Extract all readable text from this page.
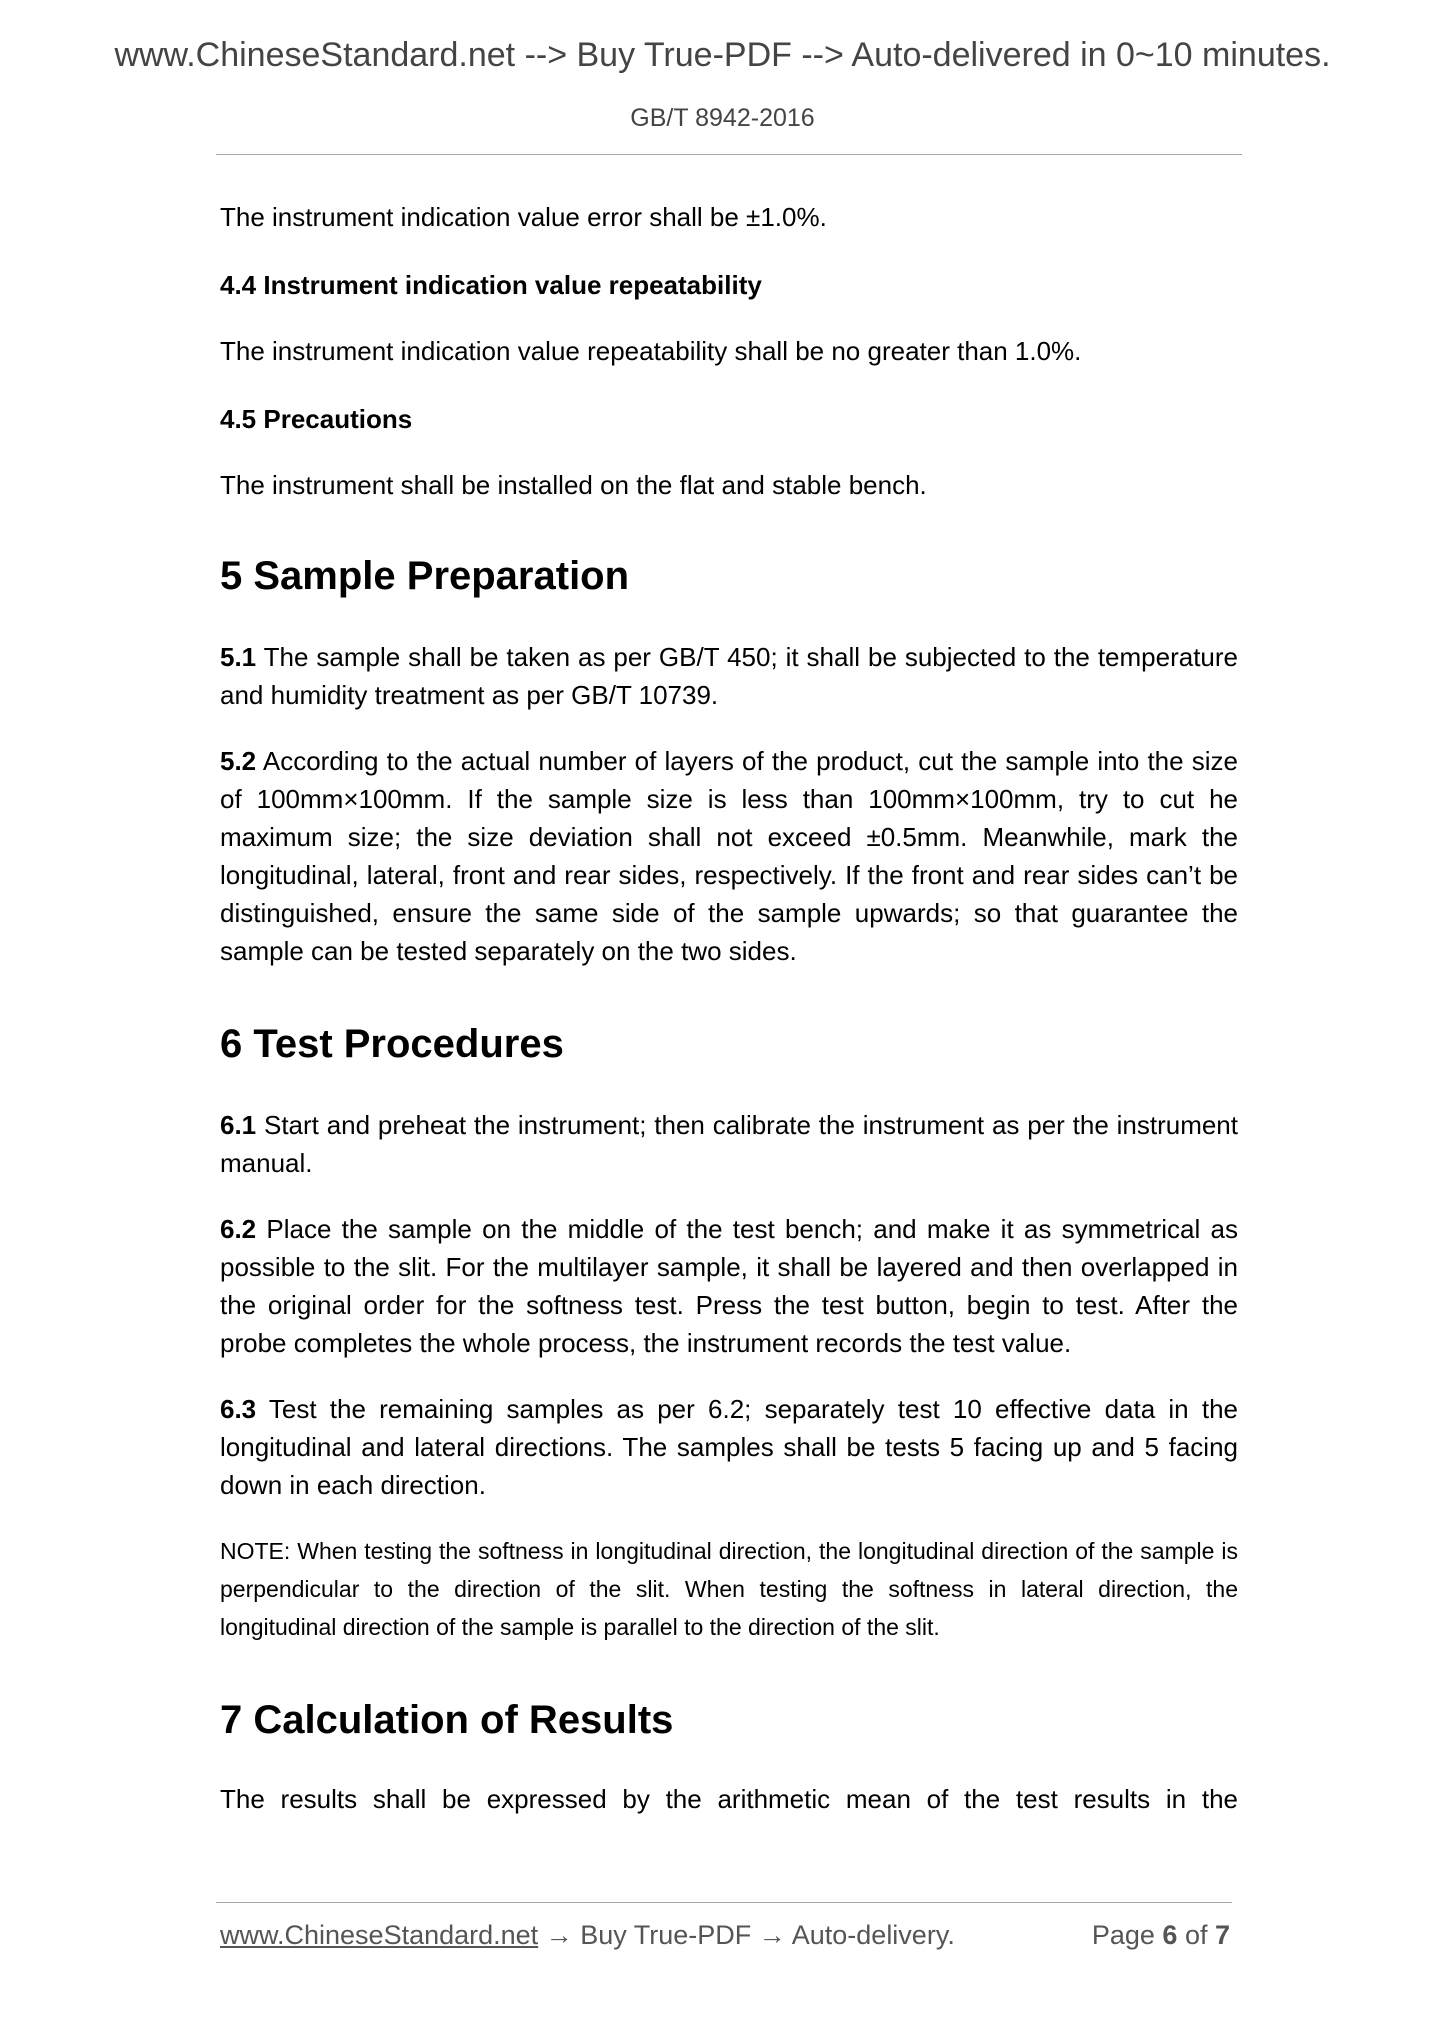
www.ChineseStandard.net --> Buy True-PDF --> Auto-delivered in 0~10 minutes.
GB/T 8942-2016

The instrument indication value error shall be ±1.0%.

4.4 Instrument indication value repeatability

The instrument indication value repeatability shall be no greater than 1.0%.

4.5 Precautions

The instrument shall be installed on the flat and stable bench.

5 Sample Preparation

5.1 The sample shall be taken as per GB/T 450; it shall be subjected to the temperature and humidity treatment as per GB/T 10739.

5.2 According to the actual number of layers of the product, cut the sample into the size of 100mm×100mm. If the sample size is less than 100mm×100mm, try to cut he maximum size; the size deviation shall not exceed ±0.5mm. Meanwhile, mark the longitudinal, lateral, front and rear sides, respectively. If the front and rear sides can’t be distinguished, ensure the same side of the sample upwards; so that guarantee the sample can be tested separately on the two sides.

6 Test Procedures

6.1 Start and preheat the instrument; then calibrate the instrument as per the instrument manual.

6.2 Place the sample on the middle of the test bench; and make it as symmetrical as possible to the slit. For the multilayer sample, it shall be layered and then overlapped in the original order for the softness test. Press the test button, begin to test. After the probe completes the whole process, the instrument records the test value.

6.3 Test the remaining samples as per 6.2; separately test 10 effective data in the longitudinal and lateral directions. The samples shall be tests 5 facing up and 5 facing down in each direction.

NOTE: When testing the softness in longitudinal direction, the longitudinal direction of the sample is perpendicular to the direction of the slit. When testing the softness in lateral direction, the longitudinal direction of the sample is parallel to the direction of the slit.

7 Calculation of Results

The results shall be expressed by the arithmetic mean of the test results in the

www.ChineseStandard.net → Buy True-PDF → Auto-delivery.	Page 6 of 7
